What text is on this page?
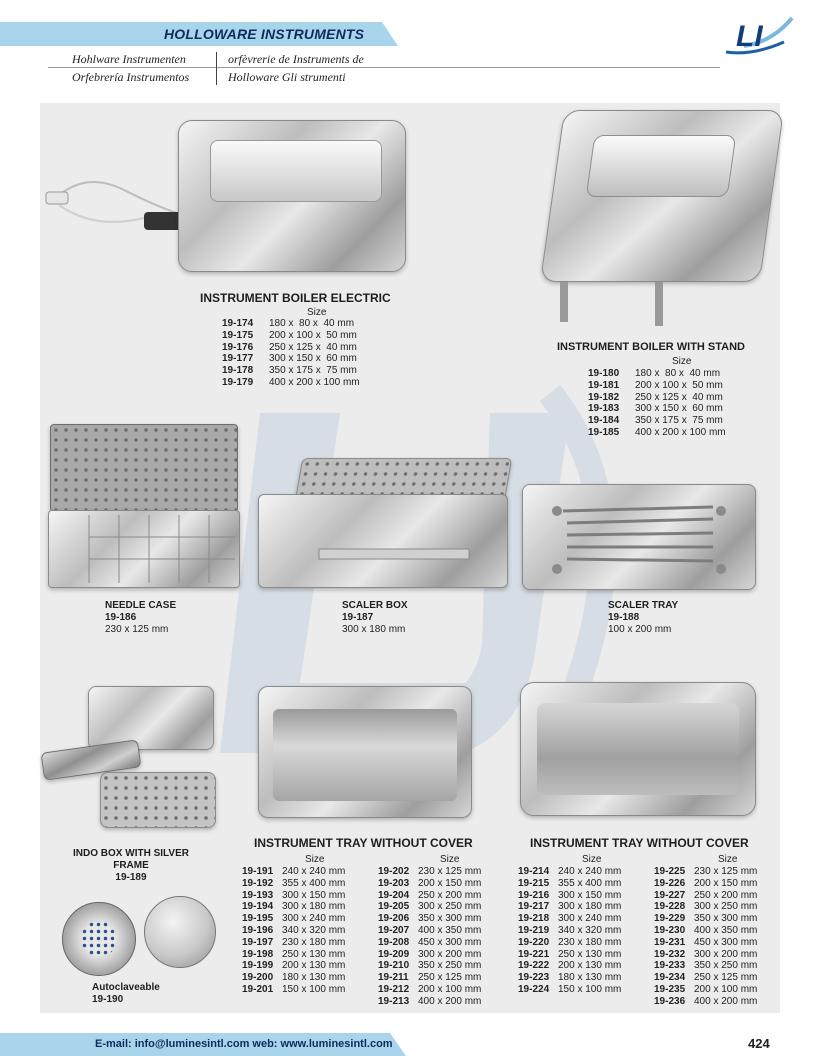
HOLLOWARE INSTRUMENTS
Hohlware Instrumenten	orfèvrerie de Instruments de
Orfebrería Instrumentos	Holloware Gli strumenti
LI
INSTRUMENT BOILER ELECTRIC
Size
19-174 180 x  80 x  40 mm
19-175 200 x 100 x  50 mm
19-176 250 x 125 x  40 mm
19-177 300 x 150 x  60 mm
19-178 350 x 175 x  75 mm
19-179 400 x 200 x 100 mm
INSTRUMENT BOILER WITH STAND
Size
19-180 180 x  80 x  40 mm
19-181 200 x 100 x  50 mm
19-182 250 x 125 x  40 mm
19-183 300 x 150 x  60 mm
19-184 350 x 175 x  75 mm
19-185 400 x 200 x 100 mm
NEEDLE CASE
19-186
230 x 125 mm
SCALER BOX
19-187
300 x 180 mm
SCALER TRAY
19-188
100 x 200 mm
INDO BOX WITH SILVER
FRAME
19-189
Autoclaveable
19-190
INSTRUMENT TRAY WITHOUT COVER
Size	Size
19-191 240 x 240 mm
19-192 355 x 400 mm
19-193 300 x 150 mm
19-194 300 x 180 mm
19-195 300 x 240 mm
19-196 340 x 320 mm
19-197 230 x 180 mm
19-198 250 x 130 mm
19-199 200 x 130 mm
19-200 180 x 130 mm
19-201 150 x 100 mm
19-202 230 x 125 mm
19-203 200 x 150 mm
19-204 250 x 200 mm
19-205 300 x 250 mm
19-206 350 x 300 mm
19-207 400 x 350 mm
19-208 450 x 300 mm
19-209 300 x 200 mm
19-210 350 x 250 mm
19-211 250 x 125 mm
19-212 200 x 100 mm
19-213 400 x 200 mm
INSTRUMENT TRAY WITHOUT COVER
Size	Size
19-214 240 x 240 mm
19-215 355 x 400 mm
19-216 300 x 150 mm
19-217 300 x 180 mm
19-218 300 x 240 mm
19-219 340 x 320 mm
19-220 230 x 180 mm
19-221 250 x 130 mm
19-222 200 x 130 mm
19-223 180 x 130 mm
19-224 150 x 100 mm
19-225 230 x 125 mm
19-226 200 x 150 mm
19-227 250 x 200 mm
19-228 300 x 250 mm
19-229 350 x 300 mm
19-230 400 x 350 mm
19-231 450 x 300 mm
19-232 300 x 200 mm
19-233 350 x 250 mm
19-234 250 x 125 mm
19-235 200 x 100 mm
19-236 400 x 200 mm
E-mail: info@luminesintl.com web: www.luminesintl.com	424
